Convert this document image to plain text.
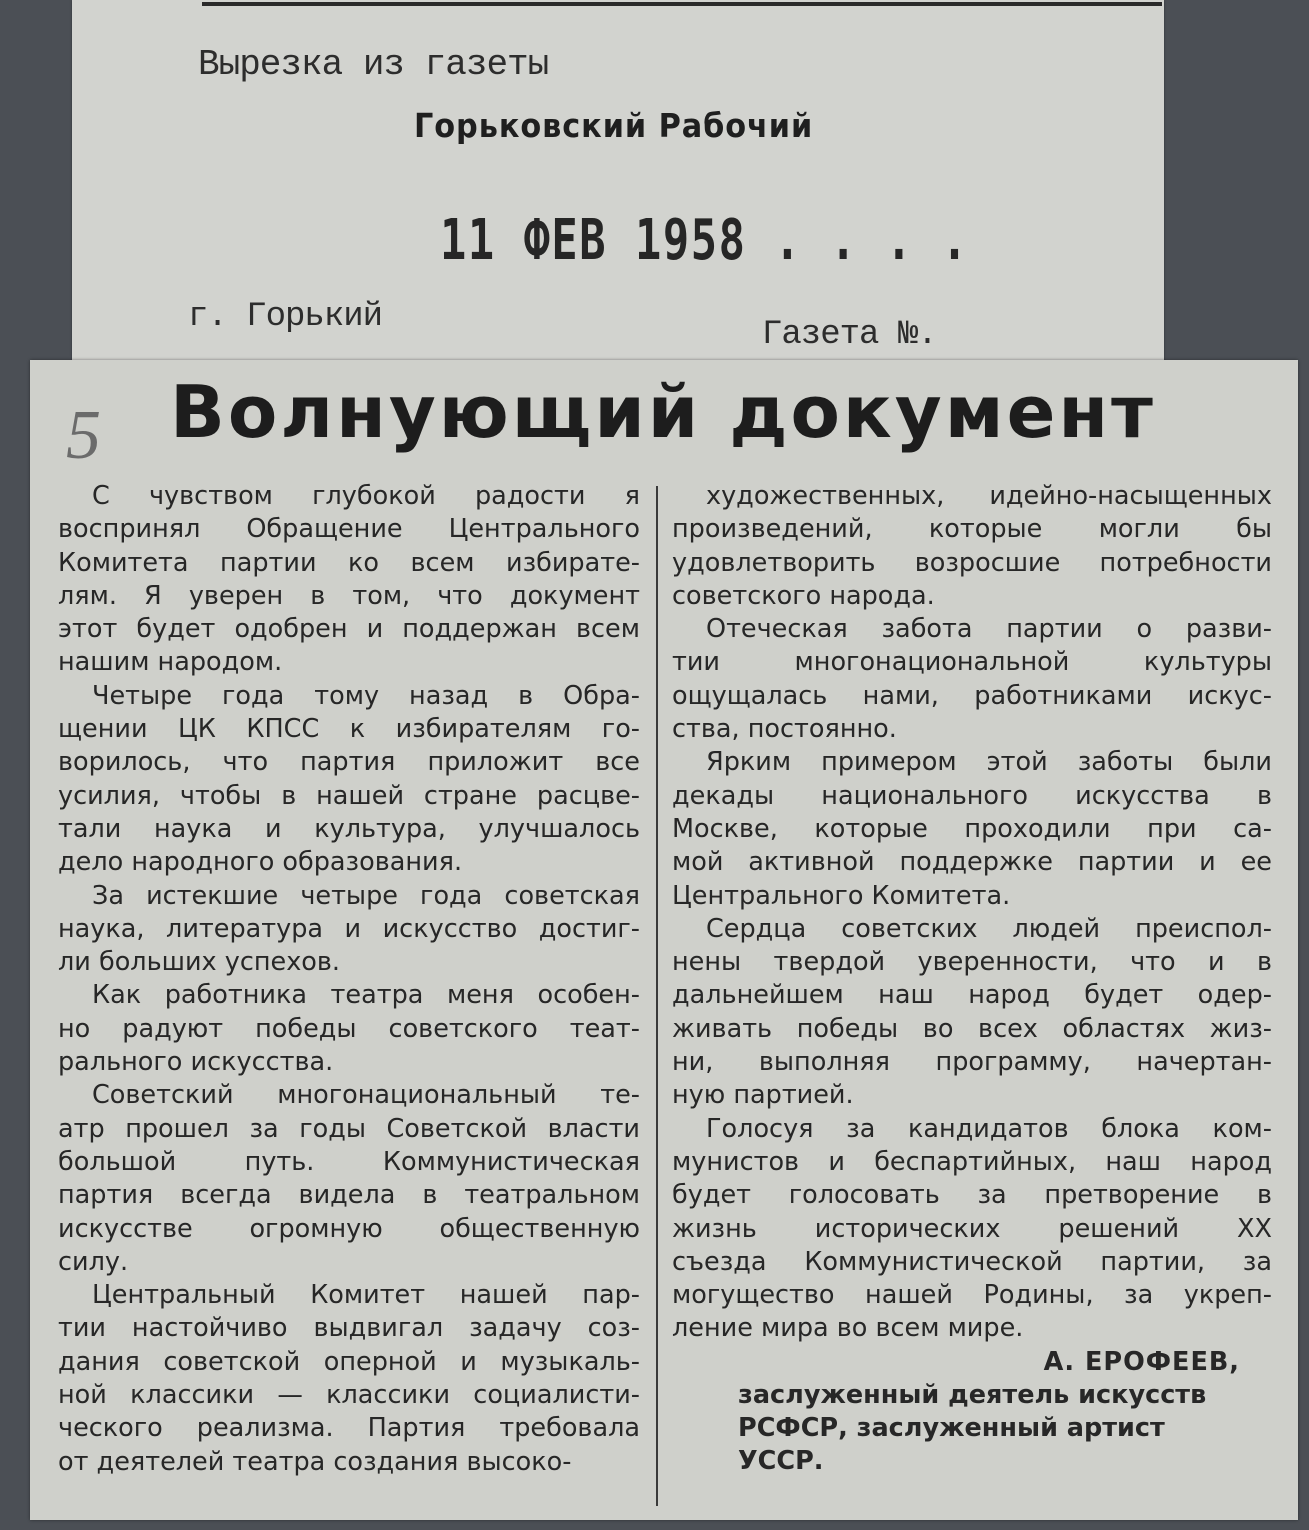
Вырезка из газеты
Горьковский Рабочий
11 ФЕВ 1958 . . . .
г. Горький	Газета №.
5 Волнующий документ
С чувством глубокой радости я
воспринял Обращение Центрального
Комитета партии ко всем избирате-
лям. Я уверен в том, что документ
этот будет одобрен и поддержан всем
нашим народом.
Четыре года тому назад в Обра-
щении ЦК КПСС к избирателям го-
ворилось, что партия приложит все
усилия, чтобы в нашей стране расцве-
тали наука и культура, улучшалось
дело народного образования.
За истекшие четыре года советская
наука, литература и искусство достиг-
ли больших успехов.
Как работника театра меня особен-
но радуют победы советского теат-
рального искусства.
Советский многонациональный те-
атр прошел за годы Советской власти
большой путь. Коммунистическая
партия всегда видела в театральном
искусстве огромную общественную
силу.
Центральный Комитет нашей пар-
тии настойчиво выдвигал задачу соз-
дания советской оперной и музыкаль-
ной классики — классики социалисти-
ческого реализма. Партия требовала
от деятелей театра создания высоко-
художественных, идейно-насыщенных
произведений, которые могли бы
удовлетворить возросшие потребности
советского народа.
Отеческая забота партии о разви-
тии многонациональной культуры
ощущалась нами, работниками искус-
ства, постоянно.
Ярким примером этой заботы были
декады национального искусства в
Москве, которые проходили при са-
мой активной поддержке партии и ее
Центрального Комитета.
Сердца советских людей преиспол-
нены твердой уверенности, что и в
дальнейшем наш народ будет одер-
живать победы во всех областях жиз-
ни, выполняя программу, начертан-
ную партией.
Голосуя за кандидатов блока ком-
мунистов и беспартийных, наш народ
будет голосовать за претворение в
жизнь исторических решений XX
съезда Коммунистической партии, за
могущество нашей Родины, за укреп-
ление мира во всем мире.
А. ЕРОФЕЕВ,
заслуженный деятель искусств
РСФСР, заслуженный артист
УССР.
